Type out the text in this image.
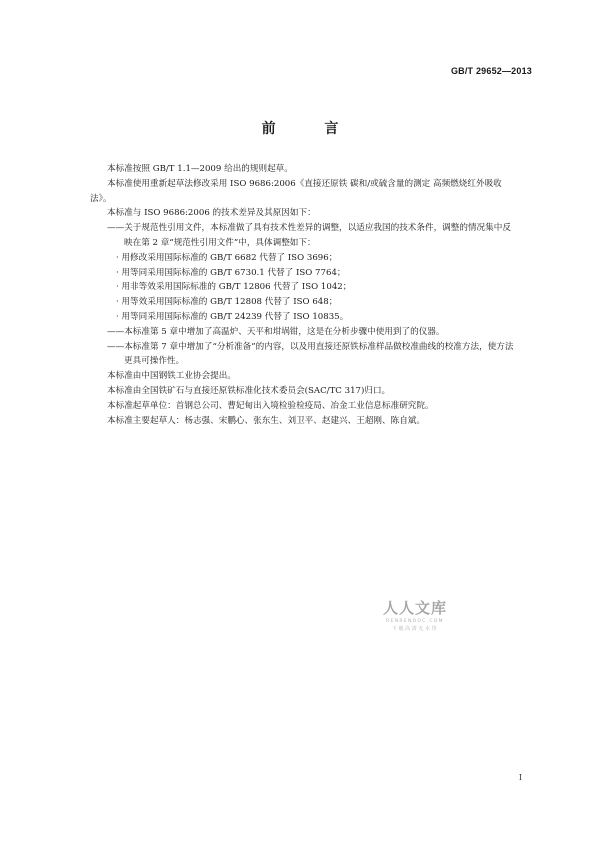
GB/T 29652—2013
前 言

本标准按照 GB/T 1.1—2009 给出的规则起草。

本标准使用重新起草法修改采用 ISO 9686:2006《直接还原铁 碳和/或硫含量的测定 高频燃烧红外吸收法》。

本标准与 ISO 9686:2006 的技术差异及其原因如下：

——关于规范性引用文件，本标准做了具有技术性差异的调整，以适应我国的技术条件，调整的情况集中反映在第 2 章“规范性引用文件”中，具体调整如下：

· 用修改采用国际标准的 GB/T 6682 代替了 ISO 3696；

· 用等同采用国际标准的 GB/T 6730.1 代替了 ISO 7764；

· 用非等效采用国际标准的 GB/T 12806 代替了 ISO 1042；

· 用等效采用国际标准的 GB/T 12808 代替了 ISO 648；

· 用等同采用国际标准的 GB/T 24239 代替了 ISO 10835。

——本标准第 5 章中增加了高温炉、天平和坩埚钳，这是在分析步骤中使用到了的仪器。

——本标准第 7 章中增加了“分析准备”的内容，以及用直接还原铁标准样品做校准曲线的校准方法，使方法更具可操作性。

本标准由中国钢铁工业协会提出。

本标准由全国铁矿石与直接还原铁标准化技术委员会(SAC/TC 317)归口。

本标准起草单位：首钢总公司、曹妃甸出入境检验检疫局、冶金工业信息标准研究院。

本标准主要起草人：杨志强、宋鹏心、张东生、刘卫平、赵建兴、王超刚、陈自斌。

人人文库
RENRENDOC.COM
下载高清无水印
I
